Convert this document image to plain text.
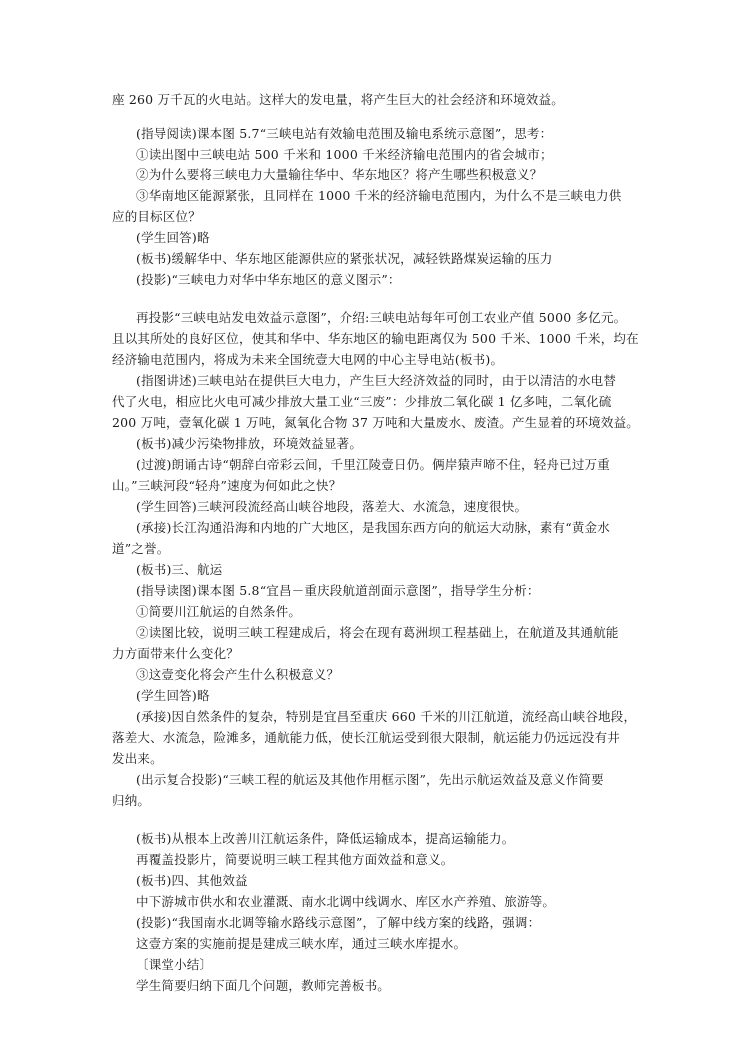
座 260 万千瓦的火电站。这样大的发电量，将产生巨大的社会经济和环境效益。
(指导阅读)课本图 5.7“三峡电站有效输电范围及输电系统示意图”，思考：
①读出图中三峡电站 500 千米和 1000 千米经济输电范围内的省会城市；
②为什么要将三峡电力大量输往华中、华东地区？将产生哪些积极意义？
③华南地区能源紧张，且同样在 1000 千米的经济输电范围内，为什么不是三峡电力供
应的目标区位？
(学生回答)略
(板书)缓解华中、华东地区能源供应的紧张状况，减轻铁路煤炭运输的压力
(投影)“三峡电力对华中华东地区的意义图示”：
再投影“三峡电站发电效益示意图”，介绍:三峡电站每年可创工农业产值 5000 多亿元。
且以其所处的良好区位，使其和华中、华东地区的输电距离仅为 500 千米、1000 千米，均在
经济输电范围内，将成为未来全国统壹大电网的中心主导电站(板书)。
(指图讲述)三峡电站在提供巨大电力，产生巨大经济效益的同时，由于以清洁的水电替
代了火电，相应比火电可减少排放大量工业“三废”：少排放二氧化碳 1 亿多吨，二氧化硫
200 万吨，壹氧化碳 1 万吨，氮氧化合物 37 万吨和大量废水、废渣。产生显着的环境效益。
(板书)减少污染物排放，环境效益显著。
(过渡)朗诵古诗“朝辞白帝彩云间，千里江陵壹日仍。俩岸猿声啼不住，轻舟已过万重
山。”三峡河段“轻舟”速度为何如此之快？
(学生回答)三峡河段流经高山峡谷地段，落差大、水流急，速度很快。
(承接)长江沟通沿海和内地的广大地区，是我国东西方向的航运大动脉，素有“黄金水
道”之誉。
(板书)三、航运
(指导读图)课本图 5.8“宜昌－重庆段航道剖面示意图”，指导学生分析：
①简要川江航运的自然条件。
②读图比较，说明三峡工程建成后，将会在现有葛洲坝工程基础上，在航道及其通航能
力方面带来什么变化？
③这壹变化将会产生什么积极意义？
(学生回答)略
(承接)因自然条件的复杂，特别是宜昌至重庆 660 千米的川江航道，流经高山峡谷地段，
落差大、水流急，险滩多，通航能力低，使长江航运受到很大限制，航运能力仍远远没有井
发出来。
(出示复合投影)“三峡工程的航运及其他作用框示图”，先出示航运效益及意义作简要
归纳。
(板书)从根本上改善川江航运条件，降低运输成本，提高运输能力。
再覆盖投影片，简要说明三峡工程其他方面效益和意义。
(板书)四、其他效益
中下游城市供水和农业灌溉、南水北调中线调水、库区水产养殖、旅游等。
(投影)“我国南水北调等输水路线示意图”，了解中线方案的线路，强调：
这壹方案的实施前提是建成三峡水库，通过三峡水库提水。
〔课堂小结〕
学生简要归纳下面几个问题，教师完善板书。
